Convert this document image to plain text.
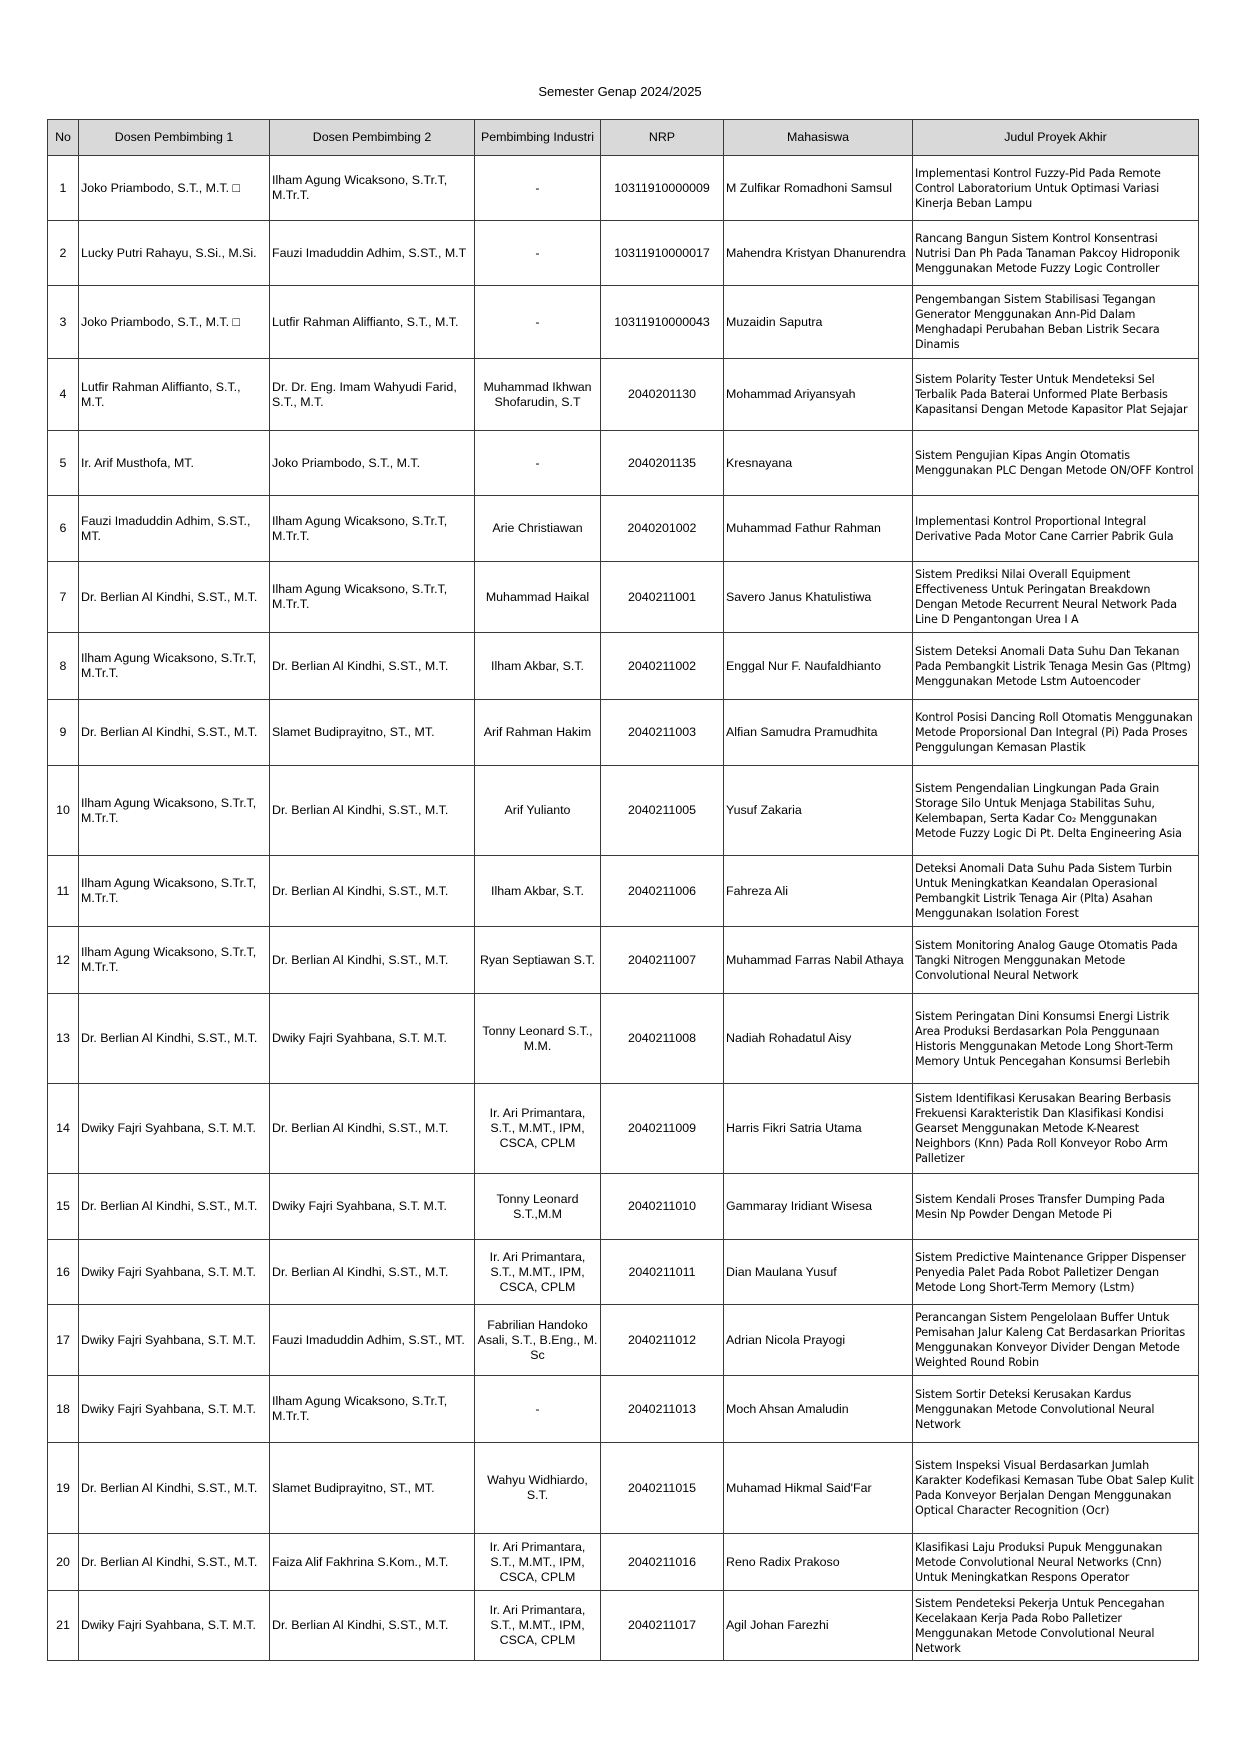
Semester Genap 2024/2025
No	Dosen Pembimbing 1	Dosen Pembimbing 2	Pembimbing Industri	NRP	Mahasiswa	Judul Proyek Akhir
1	Joko Priambodo, S.T., M.T. □	Ilham Agung Wicaksono, S.Tr.T, M.Tr.T.	-	10311910000009	M Zulfikar Romadhoni Samsul	Implementasi Kontrol Fuzzy-Pid Pada Remote Control Laboratorium Untuk Optimasi Variasi Kinerja Beban Lampu
2	Lucky Putri Rahayu, S.Si., M.Si.	Fauzi Imaduddin Adhim, S.ST., M.T	-	10311910000017	Mahendra Kristyan Dhanurendra	Rancang Bangun Sistem Kontrol Konsentrasi Nutrisi Dan Ph Pada Tanaman Pakcoy Hidroponik Menggunakan Metode Fuzzy Logic Controller
3	Joko Priambodo, S.T., M.T. □	Lutfir Rahman Aliffianto, S.T., M.T.	-	10311910000043	Muzaidin Saputra	Pengembangan Sistem Stabilisasi Tegangan Generator Menggunakan Ann-Pid Dalam Menghadapi Perubahan Beban Listrik Secara Dinamis
4	Lutfir Rahman Aliffianto, S.T., M.T.	Dr. Dr. Eng. Imam Wahyudi Farid, S.T., M.T.	Muhammad Ikhwan Shofarudin, S.T	2040201130	Mohammad Ariyansyah	Sistem Polarity Tester Untuk Mendeteksi Sel Terbalik Pada Baterai Unformed Plate Berbasis Kapasitansi Dengan Metode Kapasitor Plat Sejajar
5	Ir. Arif Musthofa, MT.	Joko Priambodo, S.T., M.T.	-	2040201135	Kresnayana	Sistem Pengujian Kipas Angin Otomatis Menggunakan PLC Dengan Metode ON/OFF Kontrol
6	Fauzi Imaduddin Adhim, S.ST., MT.	Ilham Agung Wicaksono, S.Tr.T, M.Tr.T.	Arie Christiawan	2040201002	Muhammad Fathur Rahman	Implementasi Kontrol Proportional Integral Derivative Pada Motor Cane Carrier Pabrik Gula
7	Dr. Berlian Al Kindhi, S.ST., M.T.	Ilham Agung Wicaksono, S.Tr.T, M.Tr.T.	Muhammad Haikal	2040211001	Savero Janus Khatulistiwa	Sistem Prediksi Nilai Overall Equipment Effectiveness Untuk Peringatan Breakdown Dengan Metode Recurrent Neural Network Pada Line D Pengantongan Urea I A
8	Ilham Agung Wicaksono, S.Tr.T, M.Tr.T.	Dr. Berlian Al Kindhi, S.ST., M.T.	Ilham Akbar, S.T.	2040211002	Enggal Nur F. Naufaldhianto	Sistem Deteksi Anomali Data Suhu Dan Tekanan Pada Pembangkit Listrik Tenaga Mesin Gas (Pltmg) Menggunakan Metode Lstm Autoencoder
9	Dr. Berlian Al Kindhi, S.ST., M.T.	Slamet Budiprayitno, ST., MT.	Arif Rahman Hakim	2040211003	Alfian Samudra Pramudhita	Kontrol Posisi Dancing Roll Otomatis Menggunakan Metode Proporsional Dan Integral (Pi) Pada Proses Penggulungan Kemasan Plastik
10	Ilham Agung Wicaksono, S.Tr.T, M.Tr.T.	Dr. Berlian Al Kindhi, S.ST., M.T.	Arif Yulianto	2040211005	Yusuf Zakaria	Sistem Pengendalian Lingkungan Pada Grain Storage Silo Untuk Menjaga Stabilitas Suhu, Kelembapan, Serta Kadar Co₂ Menggunakan Metode Fuzzy Logic Di Pt. Delta Engineering Asia
11	Ilham Agung Wicaksono, S.Tr.T, M.Tr.T.	Dr. Berlian Al Kindhi, S.ST., M.T.	Ilham Akbar, S.T.	2040211006	Fahreza Ali	Deteksi Anomali Data Suhu Pada Sistem Turbin Untuk Meningkatkan Keandalan Operasional Pembangkit Listrik Tenaga Air (Plta) Asahan Menggunakan Isolation Forest
12	Ilham Agung Wicaksono, S.Tr.T, M.Tr.T.	Dr. Berlian Al Kindhi, S.ST., M.T.	Ryan Septiawan S.T.	2040211007	Muhammad Farras Nabil Athaya	Sistem Monitoring Analog Gauge Otomatis Pada Tangki Nitrogen Menggunakan Metode Convolutional Neural Network
13	Dr. Berlian Al Kindhi, S.ST., M.T.	Dwiky Fajri Syahbana, S.T. M.T.	Tonny Leonard S.T., M.M.	2040211008	Nadiah Rohadatul Aisy	Sistem Peringatan Dini Konsumsi Energi Listrik Area Produksi Berdasarkan Pola Penggunaan Historis Menggunakan Metode Long Short-Term Memory Untuk Pencegahan Konsumsi Berlebih
14	Dwiky Fajri Syahbana, S.T. M.T.	Dr. Berlian Al Kindhi, S.ST., M.T.	Ir. Ari Primantara, S.T., M.MT., IPM, CSCA, CPLM	2040211009	Harris Fikri Satria Utama	Sistem Identifikasi Kerusakan Bearing Berbasis Frekuensi Karakteristik Dan Klasifikasi Kondisi Gearset Menggunakan Metode K-Nearest Neighbors (Knn) Pada Roll Konveyor Robo Arm Palletizer
15	Dr. Berlian Al Kindhi, S.ST., M.T.	Dwiky Fajri Syahbana, S.T. M.T.	Tonny Leonard S.T.,M.M	2040211010	Gammaray Iridiant Wisesa	Sistem Kendali Proses Transfer Dumping Pada Mesin Np Powder Dengan Metode Pi
16	Dwiky Fajri Syahbana, S.T. M.T.	Dr. Berlian Al Kindhi, S.ST., M.T.	Ir. Ari Primantara, S.T., M.MT., IPM, CSCA, CPLM	2040211011	Dian Maulana Yusuf	Sistem Predictive Maintenance Gripper Dispenser Penyedia Palet Pada Robot Palletizer Dengan Metode Long Short-Term Memory (Lstm)
17	Dwiky Fajri Syahbana, S.T. M.T.	Fauzi Imaduddin Adhim, S.ST., MT.	Fabrilian Handoko Asali, S.T., B.Eng., M. Sc	2040211012	Adrian Nicola Prayogi	Perancangan Sistem Pengelolaan Buffer Untuk Pemisahan Jalur Kaleng Cat Berdasarkan Prioritas Menggunakan Konveyor Divider Dengan Metode Weighted Round Robin
18	Dwiky Fajri Syahbana, S.T. M.T.	Ilham Agung Wicaksono, S.Tr.T, M.Tr.T.	-	2040211013	Moch Ahsan Amaludin	Sistem Sortir Deteksi Kerusakan Kardus Menggunakan Metode Convolutional Neural Network
19	Dr. Berlian Al Kindhi, S.ST., M.T.	Slamet Budiprayitno, ST., MT.	Wahyu Widhiardo, S.T.	2040211015	Muhamad Hikmal Said'Far	Sistem Inspeksi Visual Berdasarkan Jumlah Karakter Kodefikasi Kemasan Tube Obat Salep Kulit Pada Konveyor Berjalan Dengan Menggunakan Optical Character Recognition (Ocr)
20	Dr. Berlian Al Kindhi, S.ST., M.T.	Faiza Alif Fakhrina S.Kom., M.T.	Ir. Ari Primantara, S.T., M.MT., IPM, CSCA, CPLM	2040211016	Reno Radix Prakoso	Klasifikasi Laju Produksi Pupuk Menggunakan Metode Convolutional Neural Networks (Cnn) Untuk Meningkatkan Respons Operator
21	Dwiky Fajri Syahbana, S.T. M.T.	Dr. Berlian Al Kindhi, S.ST., M.T.	Ir. Ari Primantara, S.T., M.MT., IPM, CSCA, CPLM	2040211017	Agil Johan Farezhi	Sistem Pendeteksi Pekerja Untuk Pencegahan Kecelakaan Kerja Pada Robo Palletizer Menggunakan Metode Convolutional Neural Network
